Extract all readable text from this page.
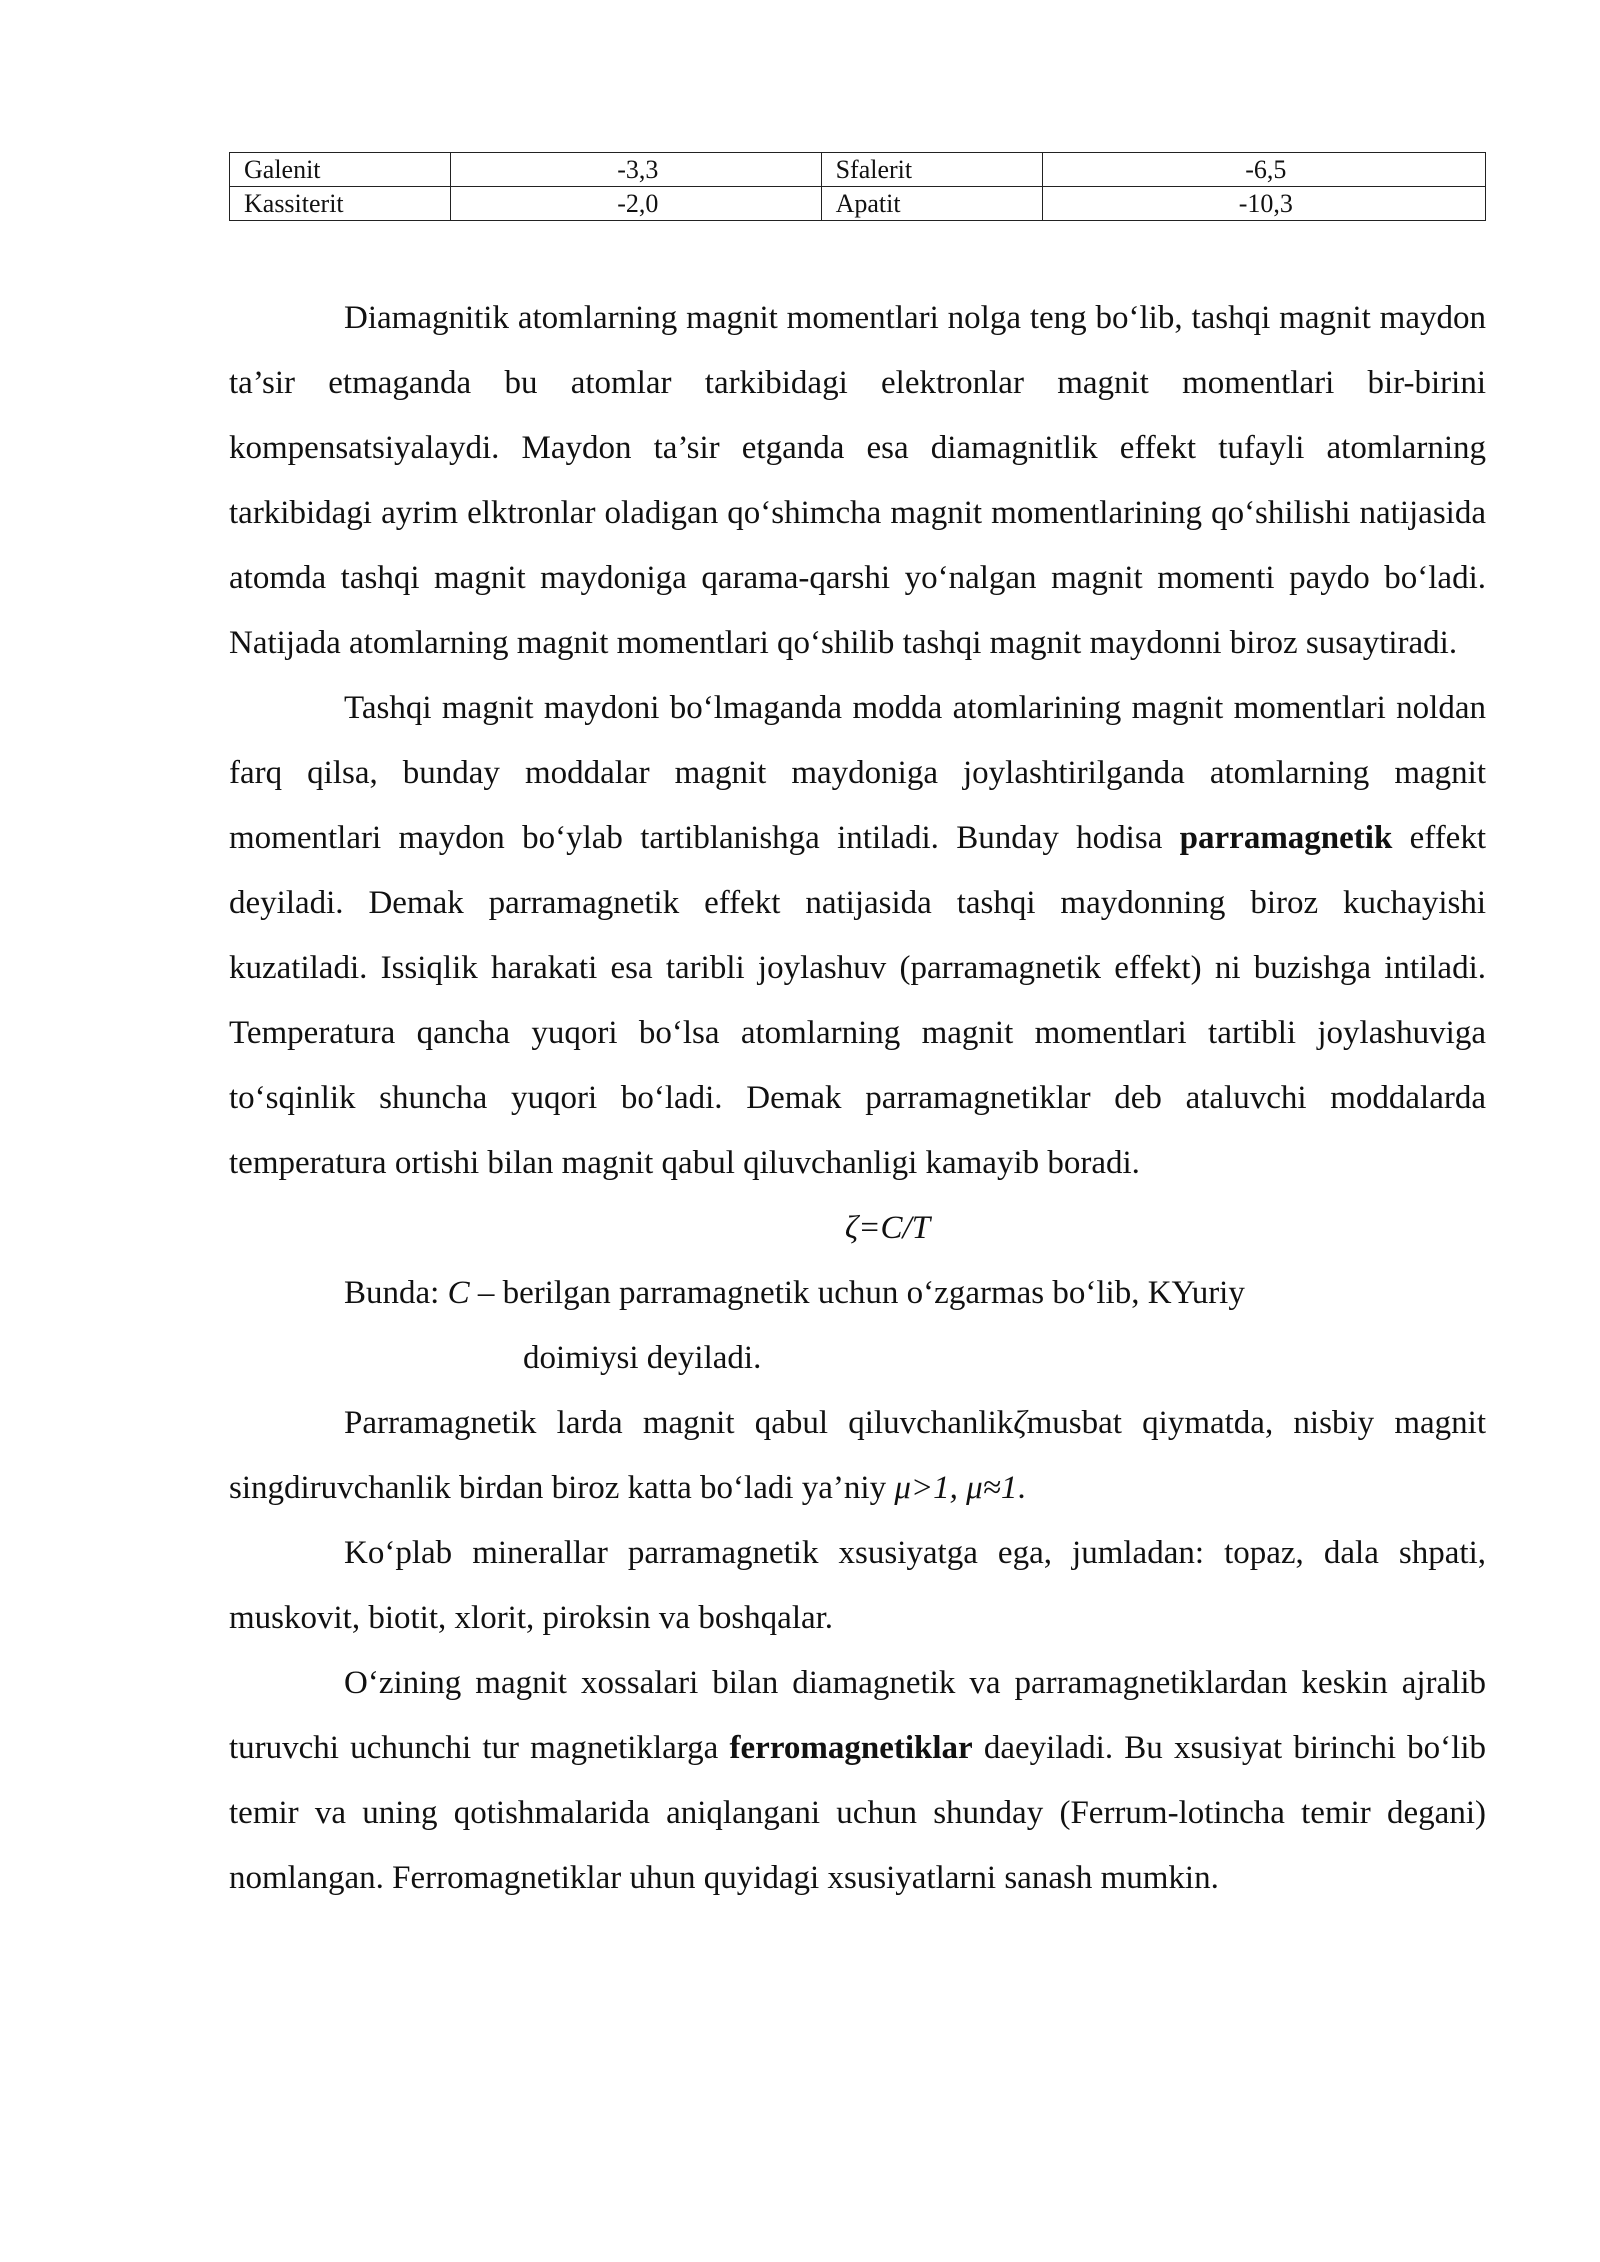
Galenit	-3,3	Sfalerit	-6,5
Kassiterit	-2,0	Apatit	-10,3

Diamagnitik atomlarning magnit momentlari nolga teng bo‘lib, tashqi magnit maydon ta’sir etmaganda bu atomlar tarkibidagi elektronlar magnit momentlari bir-birini kompensatsiyalaydi. Maydon ta’sir etganda esa diamagnitlik effekt tufayli atomlarning tarkibidagi ayrim elktronlar oladigan qo‘shimcha magnit momentlarining qo‘shilishi natijasida atomda tashqi magnit maydoniga qarama-qarshi yo‘nalgan magnit momenti paydo bo‘ladi. Natijada atomlarning magnit momentlari qo‘shilib tashqi magnit maydonni biroz susaytiradi.

Tashqi magnit maydoni bo‘lmaganda modda atomlarining magnit momentlari noldan farq qilsa, bunday moddalar magnit maydoniga joylashtirilganda atomlarning magnit momentlari maydon bo‘ylab tartiblanishga intiladi. Bunday hodisa parramagnetik effekt deyiladi. Demak parramagnetik effekt natijasida tashqi maydonning biroz kuchayishi kuzatiladi. Issiqlik harakati esa taribli joylashuv (parramagnetik effekt) ni buzishga intiladi. Temperatura qancha yuqori bo‘lsa atomlarning magnit momentlari tartibli joylashuviga to‘sqinlik shuncha yuqori bo‘ladi. Demak parramagnetiklar deb ataluvchi moddalarda temperatura ortishi bilan magnit qabul qiluvchanligi kamayib boradi.

ζ=C/T
Bunda: C – berilgan parramagnetik uchun o‘zgarmas bo‘lib, KYuriy
doimiysi deyiladi.

Parramagnetik larda magnit qabul qiluvchanlikζmusbat qiymatda, nisbiy magnit singdiruvchanlik birdan biroz katta bo‘ladi ya’niy μ>1, μ≈1.

Ko‘plab minerallar parramagnetik xsusiyatga ega, jumladan: topaz, dala shpati, muskovit, biotit, xlorit, piroksin va boshqalar.

O‘zining magnit xossalari bilan diamagnetik va parramagnetiklardan keskin ajralib turuvchi uchunchi tur magnetiklarga ferromagnetiklar daeyiladi. Bu xsusiyat birinchi bo‘lib temir va uning qotishmalarida aniqlangani uchun shunday (Ferrum-lotincha temir degani) nomlangan. Ferromagnetiklar uhun quyidagi xsusiyatlarni sanash mumkin.
